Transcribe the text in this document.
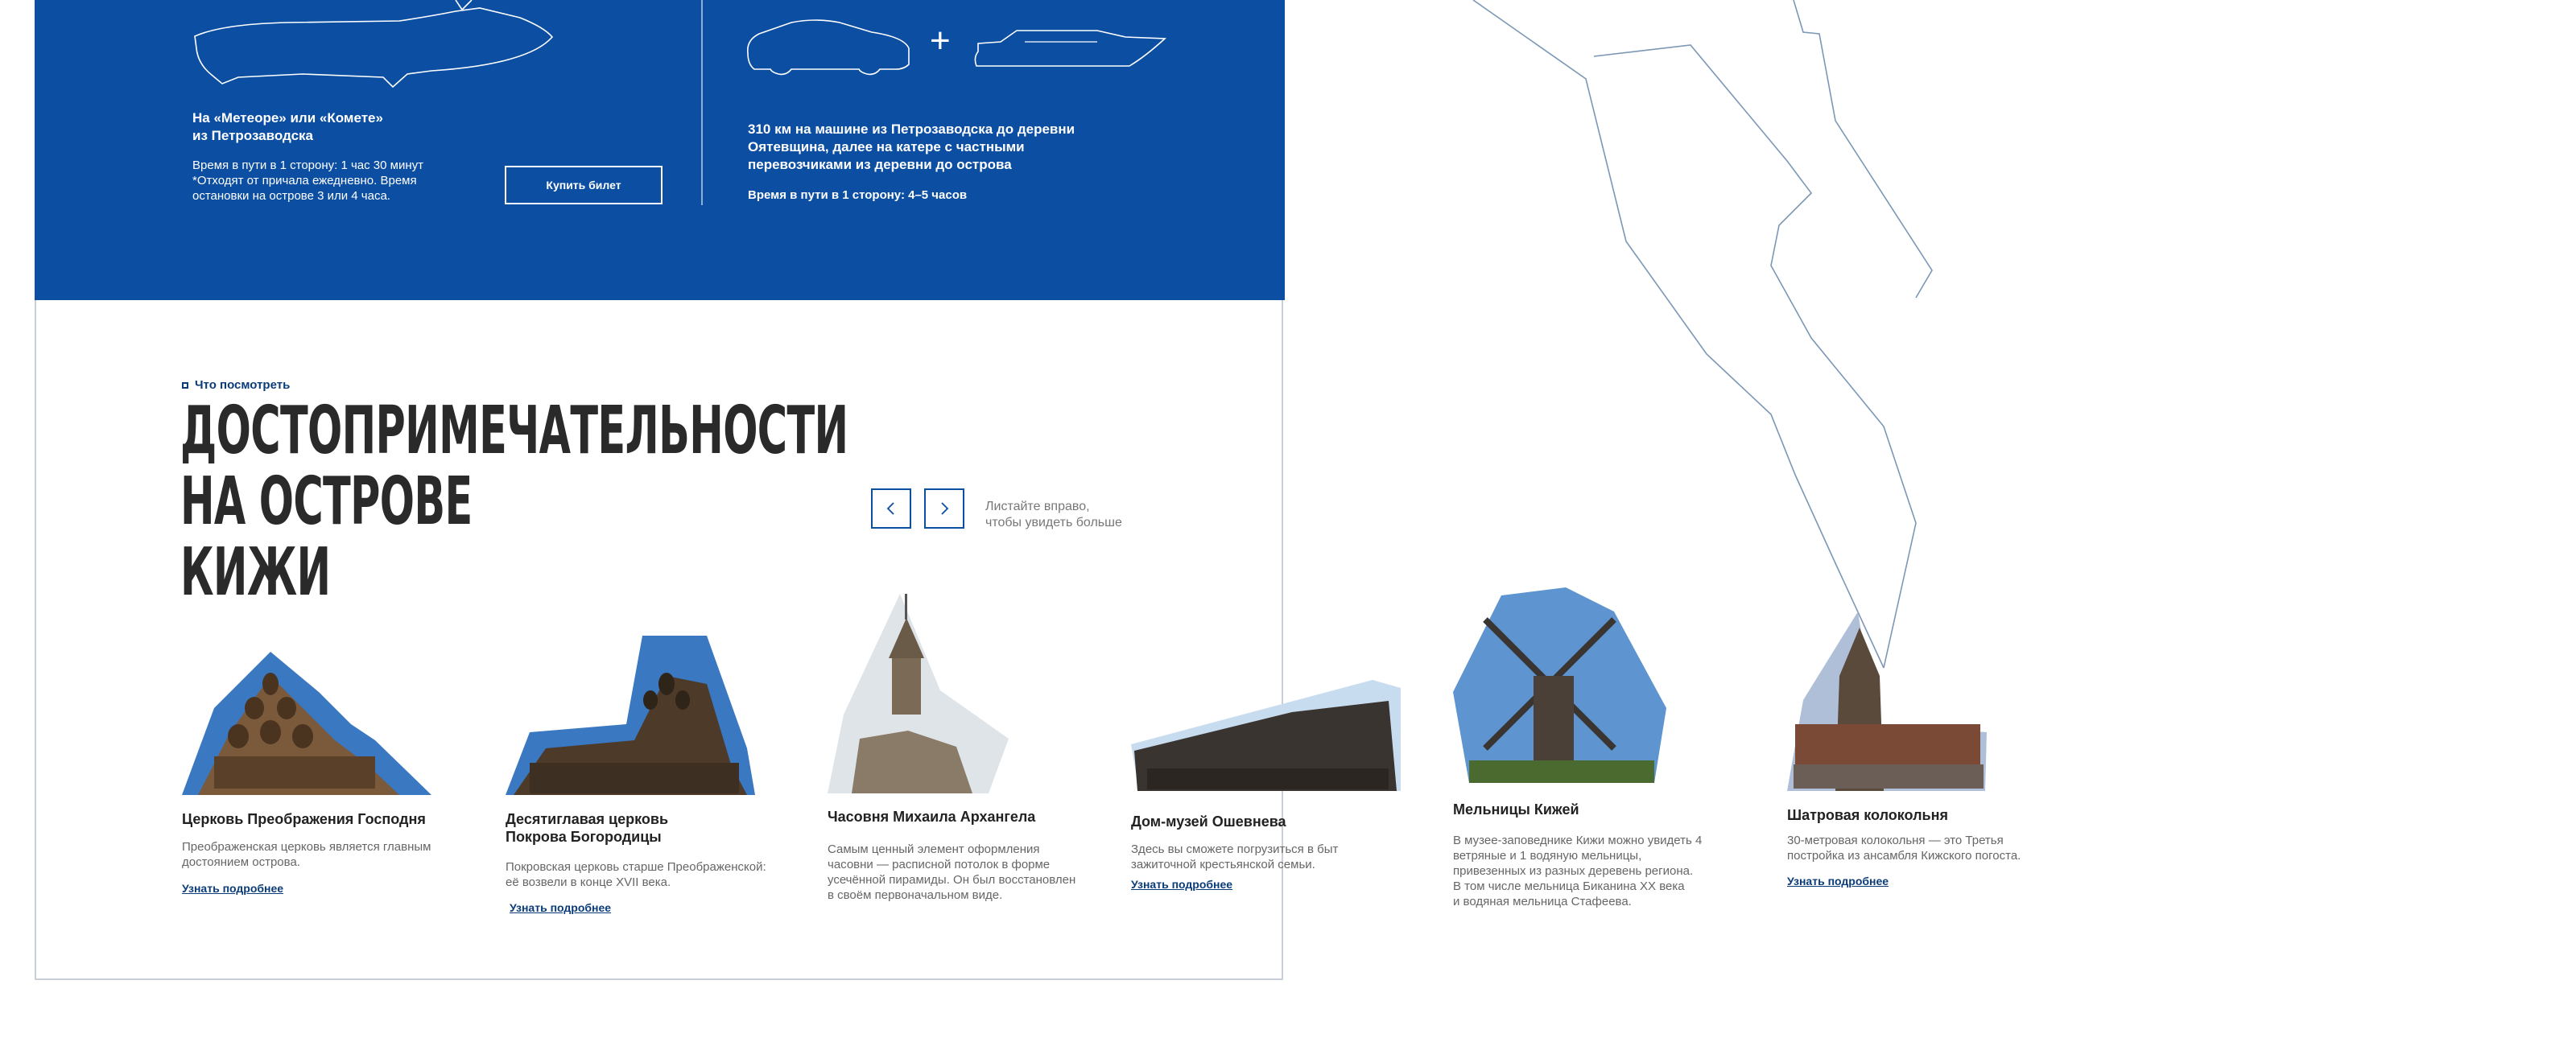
На «Метеоре» или «Комете»
из Петрозаводска
Время в пути в 1 сторону: 1 час 30 минут
*Отходят от причала ежедневно. Время
остановки на острове 3 или 4 часа.
Купить билет
+
310 км на машине из Петрозаводска до деревни
Оятевщина, далее на катере с частными
перевозчиками из деревни до острова
Время в пути в 1 сторону: 4–5 часов
Что посмотреть
ДОСТОПРИМЕЧАТЕЛЬНОСТИ
НА ОСТРОВЕ КИЖИ
Листайте вправо,
чтобы увидеть больше
Церковь Преображения Господня
Преображенская церковь является главным
достоянием острова.
Узнать подробнее
Десятиглавая церковь
Покрова Богородицы
Покровская церковь старше Преображенской:
её возвели в конце XVII века.
Узнать подробнее
Часовня Михаила Архангела
Самым ценный элемент оформления
часовни — расписной потолок в форме
усечённой пирамиды. Он был восстановлен
в своём первоначальном виде.
Дом-музей Ошевнева
Здесь вы сможете погрузиться в быт
зажиточной крестьянской семьи.
Узнать подробнее
Мельницы Кижей
В музее-заповеднике Кижи можно увидеть 4
ветряные и 1 водяную мельницы,
привезенных из разных деревень региона.
В том числе мельница Биканина XX века
и водяная мельница Стафеева.
Шатровая колокольня
30-метровая колокольня — это Третья
постройка из ансамбля Кижского погоста.
Узнать подробнее
